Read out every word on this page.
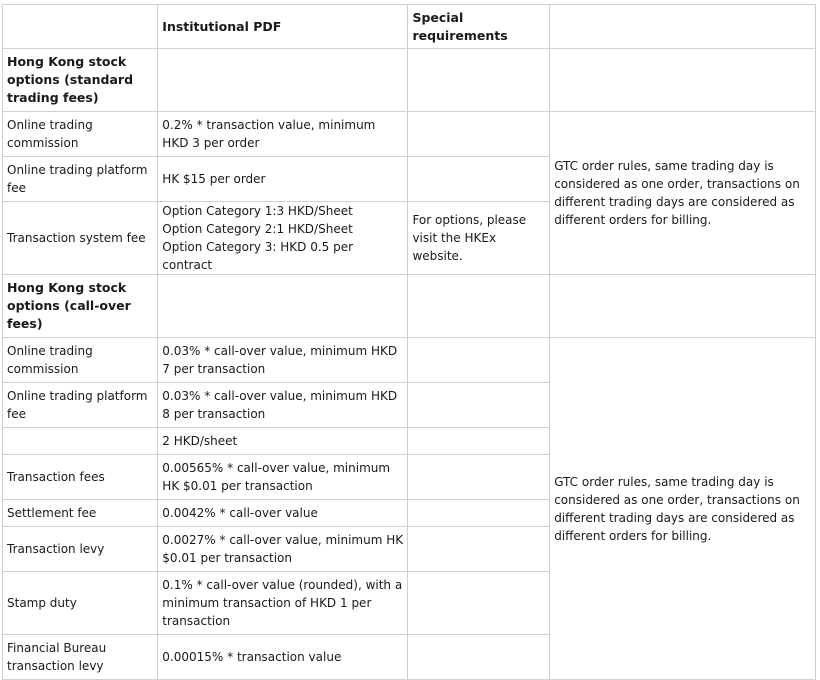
	Institutional PDF	Special requirements	
Hong Kong stock options (standard trading fees)			
Online trading commission	0.2% * transaction value, minimum HKD 3 per order		GTC order rules, same trading day is considered as one order, transactions on different trading days are considered as different orders for billing.
Online trading platform fee	HK $15 per order		
Transaction system fee	Option Category 1:3 HKD/Sheet
Option Category 2:1 HKD/Sheet
Option Category 3: HKD 0.5 per contract	For options, please visit the HKEx website.	
Hong Kong stock options (call-over fees)			
Online trading commission	0.03% * call-over value, minimum HKD 7 per transaction		GTC order rules, same trading day is considered as one order, transactions on different trading days are considered as different orders for billing.
Online trading platform fee	0.03% * call-over value, minimum HKD 8 per transaction		
	2 HKD/sheet		
Transaction fees	0.00565% * call-over value, minimum HK $0.01 per transaction		
Settlement fee	0.0042% * call-over value		
Transaction levy	0.0027% * call-over value, minimum HK $0.01 per transaction		
Stamp duty	0.1% * call-over value (rounded), with a minimum transaction of HKD 1 per transaction		
Financial Bureau transaction levy	0.00015% * transaction value		
